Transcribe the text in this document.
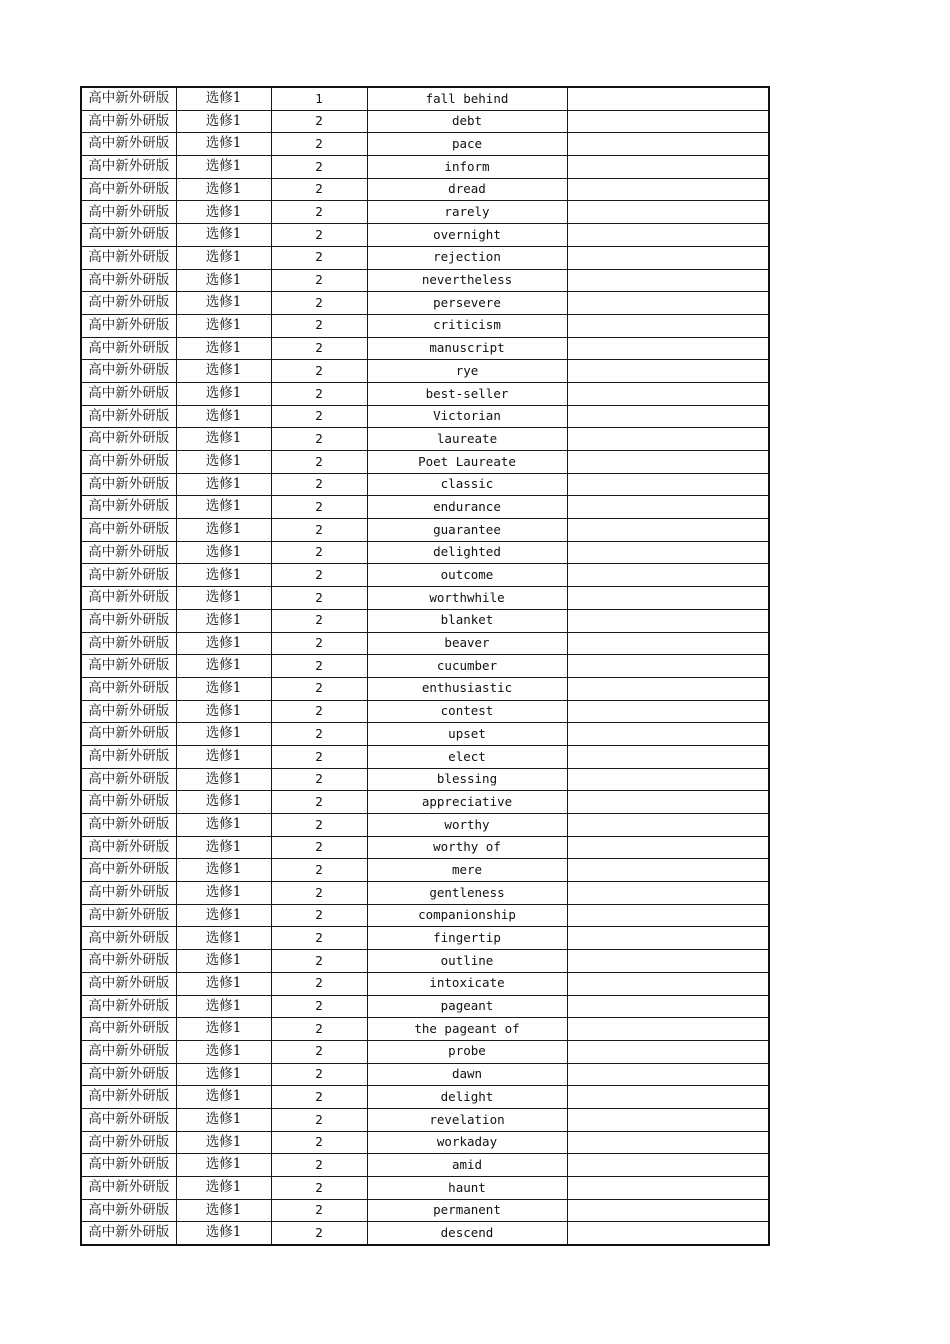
高中新外研版	选修1	1	fall behind	
高中新外研版	选修1	2	debt	
高中新外研版	选修1	2	pace	
高中新外研版	选修1	2	inform	
高中新外研版	选修1	2	dread	
高中新外研版	选修1	2	rarely	
高中新外研版	选修1	2	overnight	
高中新外研版	选修1	2	rejection	
高中新外研版	选修1	2	nevertheless	
高中新外研版	选修1	2	persevere	
高中新外研版	选修1	2	criticism	
高中新外研版	选修1	2	manuscript	
高中新外研版	选修1	2	rye	
高中新外研版	选修1	2	best-seller	
高中新外研版	选修1	2	Victorian	
高中新外研版	选修1	2	laureate	
高中新外研版	选修1	2	Poet Laureate	
高中新外研版	选修1	2	classic	
高中新外研版	选修1	2	endurance	
高中新外研版	选修1	2	guarantee	
高中新外研版	选修1	2	delighted	
高中新外研版	选修1	2	outcome	
高中新外研版	选修1	2	worthwhile	
高中新外研版	选修1	2	blanket	
高中新外研版	选修1	2	beaver	
高中新外研版	选修1	2	cucumber	
高中新外研版	选修1	2	enthusiastic	
高中新外研版	选修1	2	contest	
高中新外研版	选修1	2	upset	
高中新外研版	选修1	2	elect	
高中新外研版	选修1	2	blessing	
高中新外研版	选修1	2	appreciative	
高中新外研版	选修1	2	worthy	
高中新外研版	选修1	2	worthy of	
高中新外研版	选修1	2	mere	
高中新外研版	选修1	2	gentleness	
高中新外研版	选修1	2	companionship	
高中新外研版	选修1	2	fingertip	
高中新外研版	选修1	2	outline	
高中新外研版	选修1	2	intoxicate	
高中新外研版	选修1	2	pageant	
高中新外研版	选修1	2	the pageant of	
高中新外研版	选修1	2	probe	
高中新外研版	选修1	2	dawn	
高中新外研版	选修1	2	delight	
高中新外研版	选修1	2	revelation	
高中新外研版	选修1	2	workaday	
高中新外研版	选修1	2	amid	
高中新外研版	选修1	2	haunt	
高中新外研版	选修1	2	permanent	
高中新外研版	选修1	2	descend	
